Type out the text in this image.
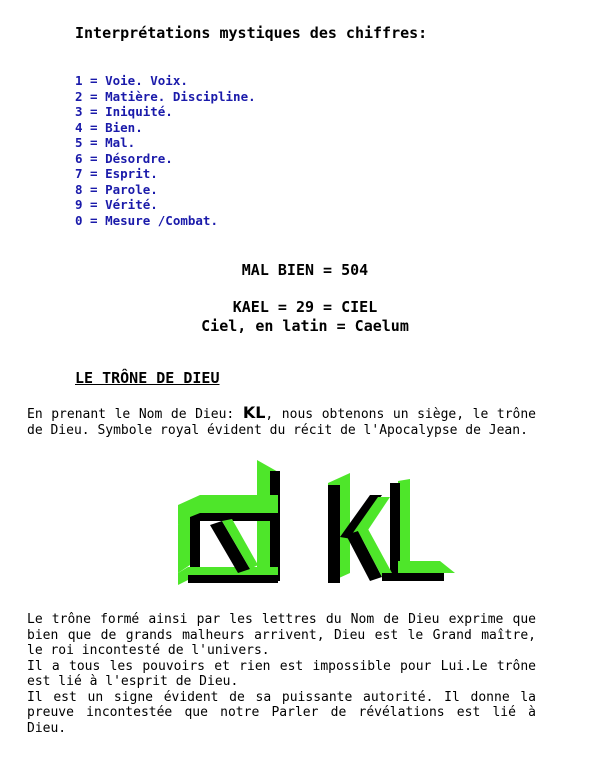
Interprétations mystiques des chiffres:
1 = Voie. Voix.
2 = Matière. Discipline.
3 = Iniquité.
4 = Bien.
5 = Mal.
6 = Désordre.
7 = Esprit.
8 = Parole.
9 = Vérité.
0 = Mesure /Combat.

MAL BIEN = 504

KAEL = 29 = CIEL

Ciel, en latin = Caelum

LE TRÔNE DE DIEU

En prenant le Nom de Dieu: KL, nous obtenons un siège, le trône de Dieu. Symbole royal évident du récit de l'Apocalypse de Jean.

Le trône formé ainsi par les lettres du Nom de Dieu exprime que
bien que de grands malheurs arrivent, Dieu est le Grand maître,
le roi incontesté de l'univers.
Il a tous les pouvoirs et rien est impossible pour Lui.Le trône
est lié à l'esprit de Dieu.
Il est un signe évident de sa puissante autorité. Il donne la
preuve incontestée que notre Parler de révélations est lié à
Dieu.
